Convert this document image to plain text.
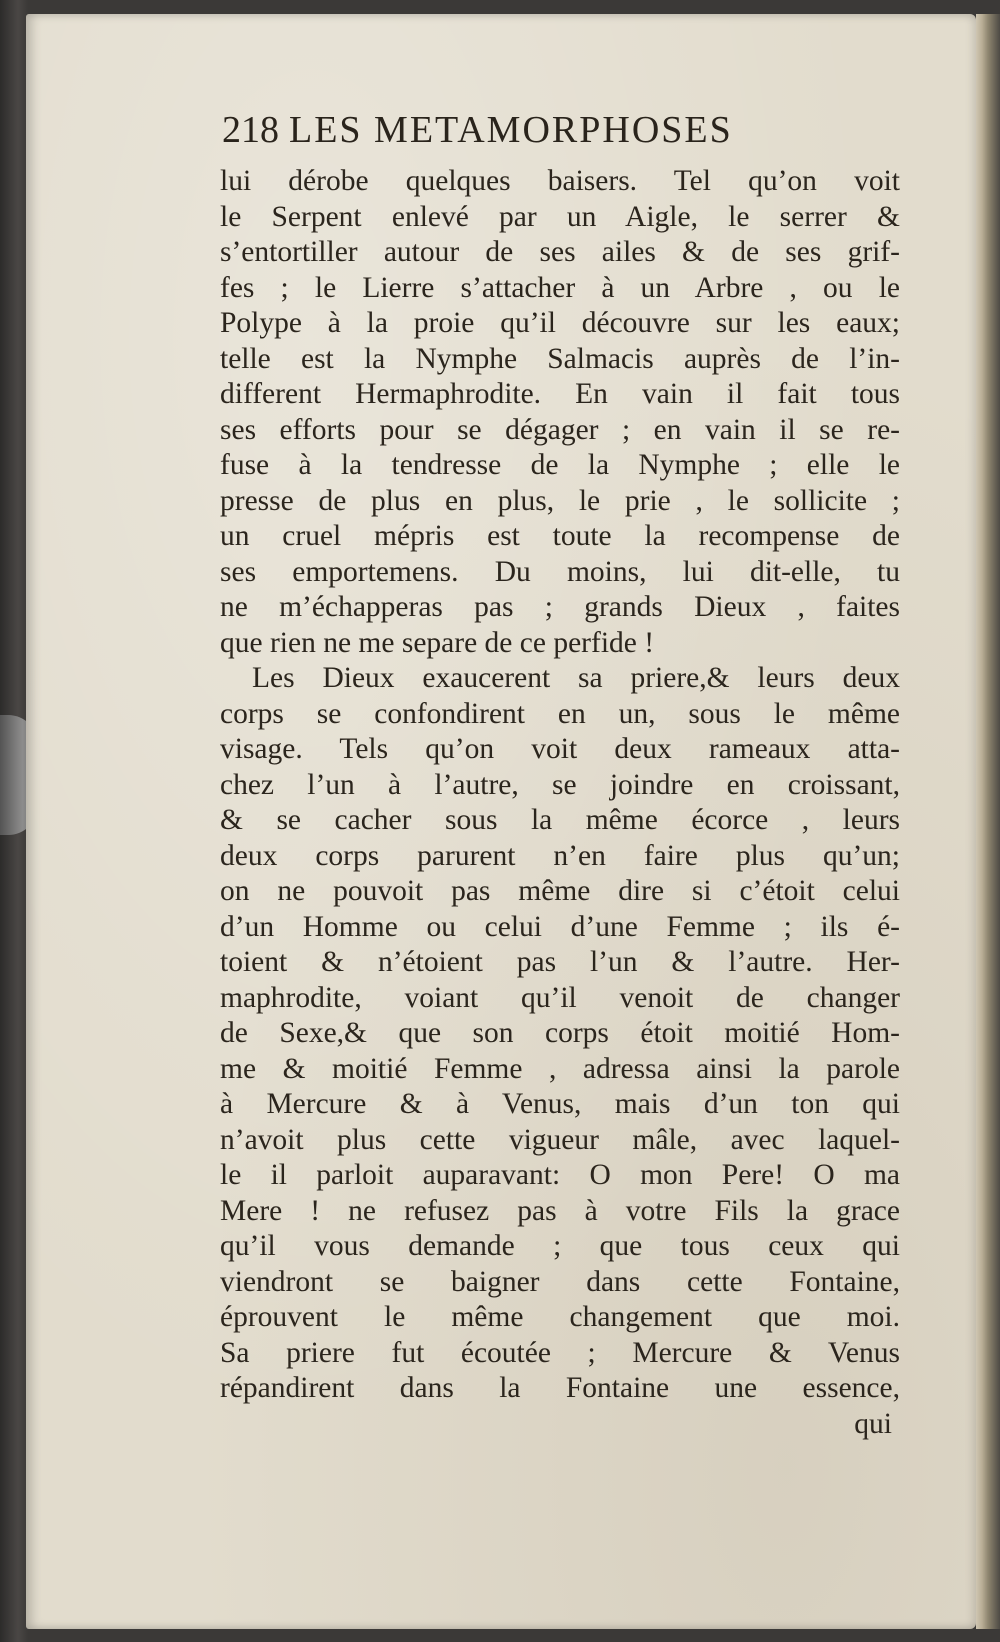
218 LES METAMORPHOSES
lui dérobe quelques baisers. Tel qu’on voit
le Serpent enlevé par un Aigle, le serrer &
s’entortiller autour de ses ailes & de ses grif-
fes ; le Lierre s’attacher à un Arbre , ou le
Polype à la proie qu’il découvre sur les eaux;
telle est la Nymphe Salmacis auprès de l’in-
different Hermaphrodite. En vain il fait tous
ses efforts pour se dégager ; en vain il se re-
fuse à la tendresse de la Nymphe ; elle le
presse de plus en plus, le prie , le sollicite ;
un cruel mépris est toute la recompense de
ses emportemens. Du moins, lui dit-elle, tu
ne m’échapperas pas ; grands Dieux , faites
que rien ne me separe de ce perfide !
Les Dieux exaucerent sa priere,& leurs deux
corps se confondirent en un, sous le même
visage. Tels qu’on voit deux rameaux atta-
chez l’un à l’autre, se joindre en croissant,
& se cacher sous la même écorce , leurs
deux corps parurent n’en faire plus qu’un;
on ne pouvoit pas même dire si c’étoit celui
d’un Homme ou celui d’une Femme ; ils é-
toient & n’étoient pas l’un & l’autre. Her-
maphrodite, voiant qu’il venoit de changer
de Sexe,& que son corps étoit moitié Hom-
me & moitié Femme , adressa ainsi la parole
à Mercure & à Venus, mais d’un ton qui
n’avoit plus cette vigueur mâle, avec laquel-
le il parloit auparavant: O mon Pere! O ma
Mere ! ne refusez pas à votre Fils la grace
qu’il vous demande ; que tous ceux qui
viendront se baigner dans cette Fontaine,
éprouvent le même changement que moi.
Sa priere fut écoutée ; Mercure & Venus
répandirent dans la Fontaine une essence,
qui
